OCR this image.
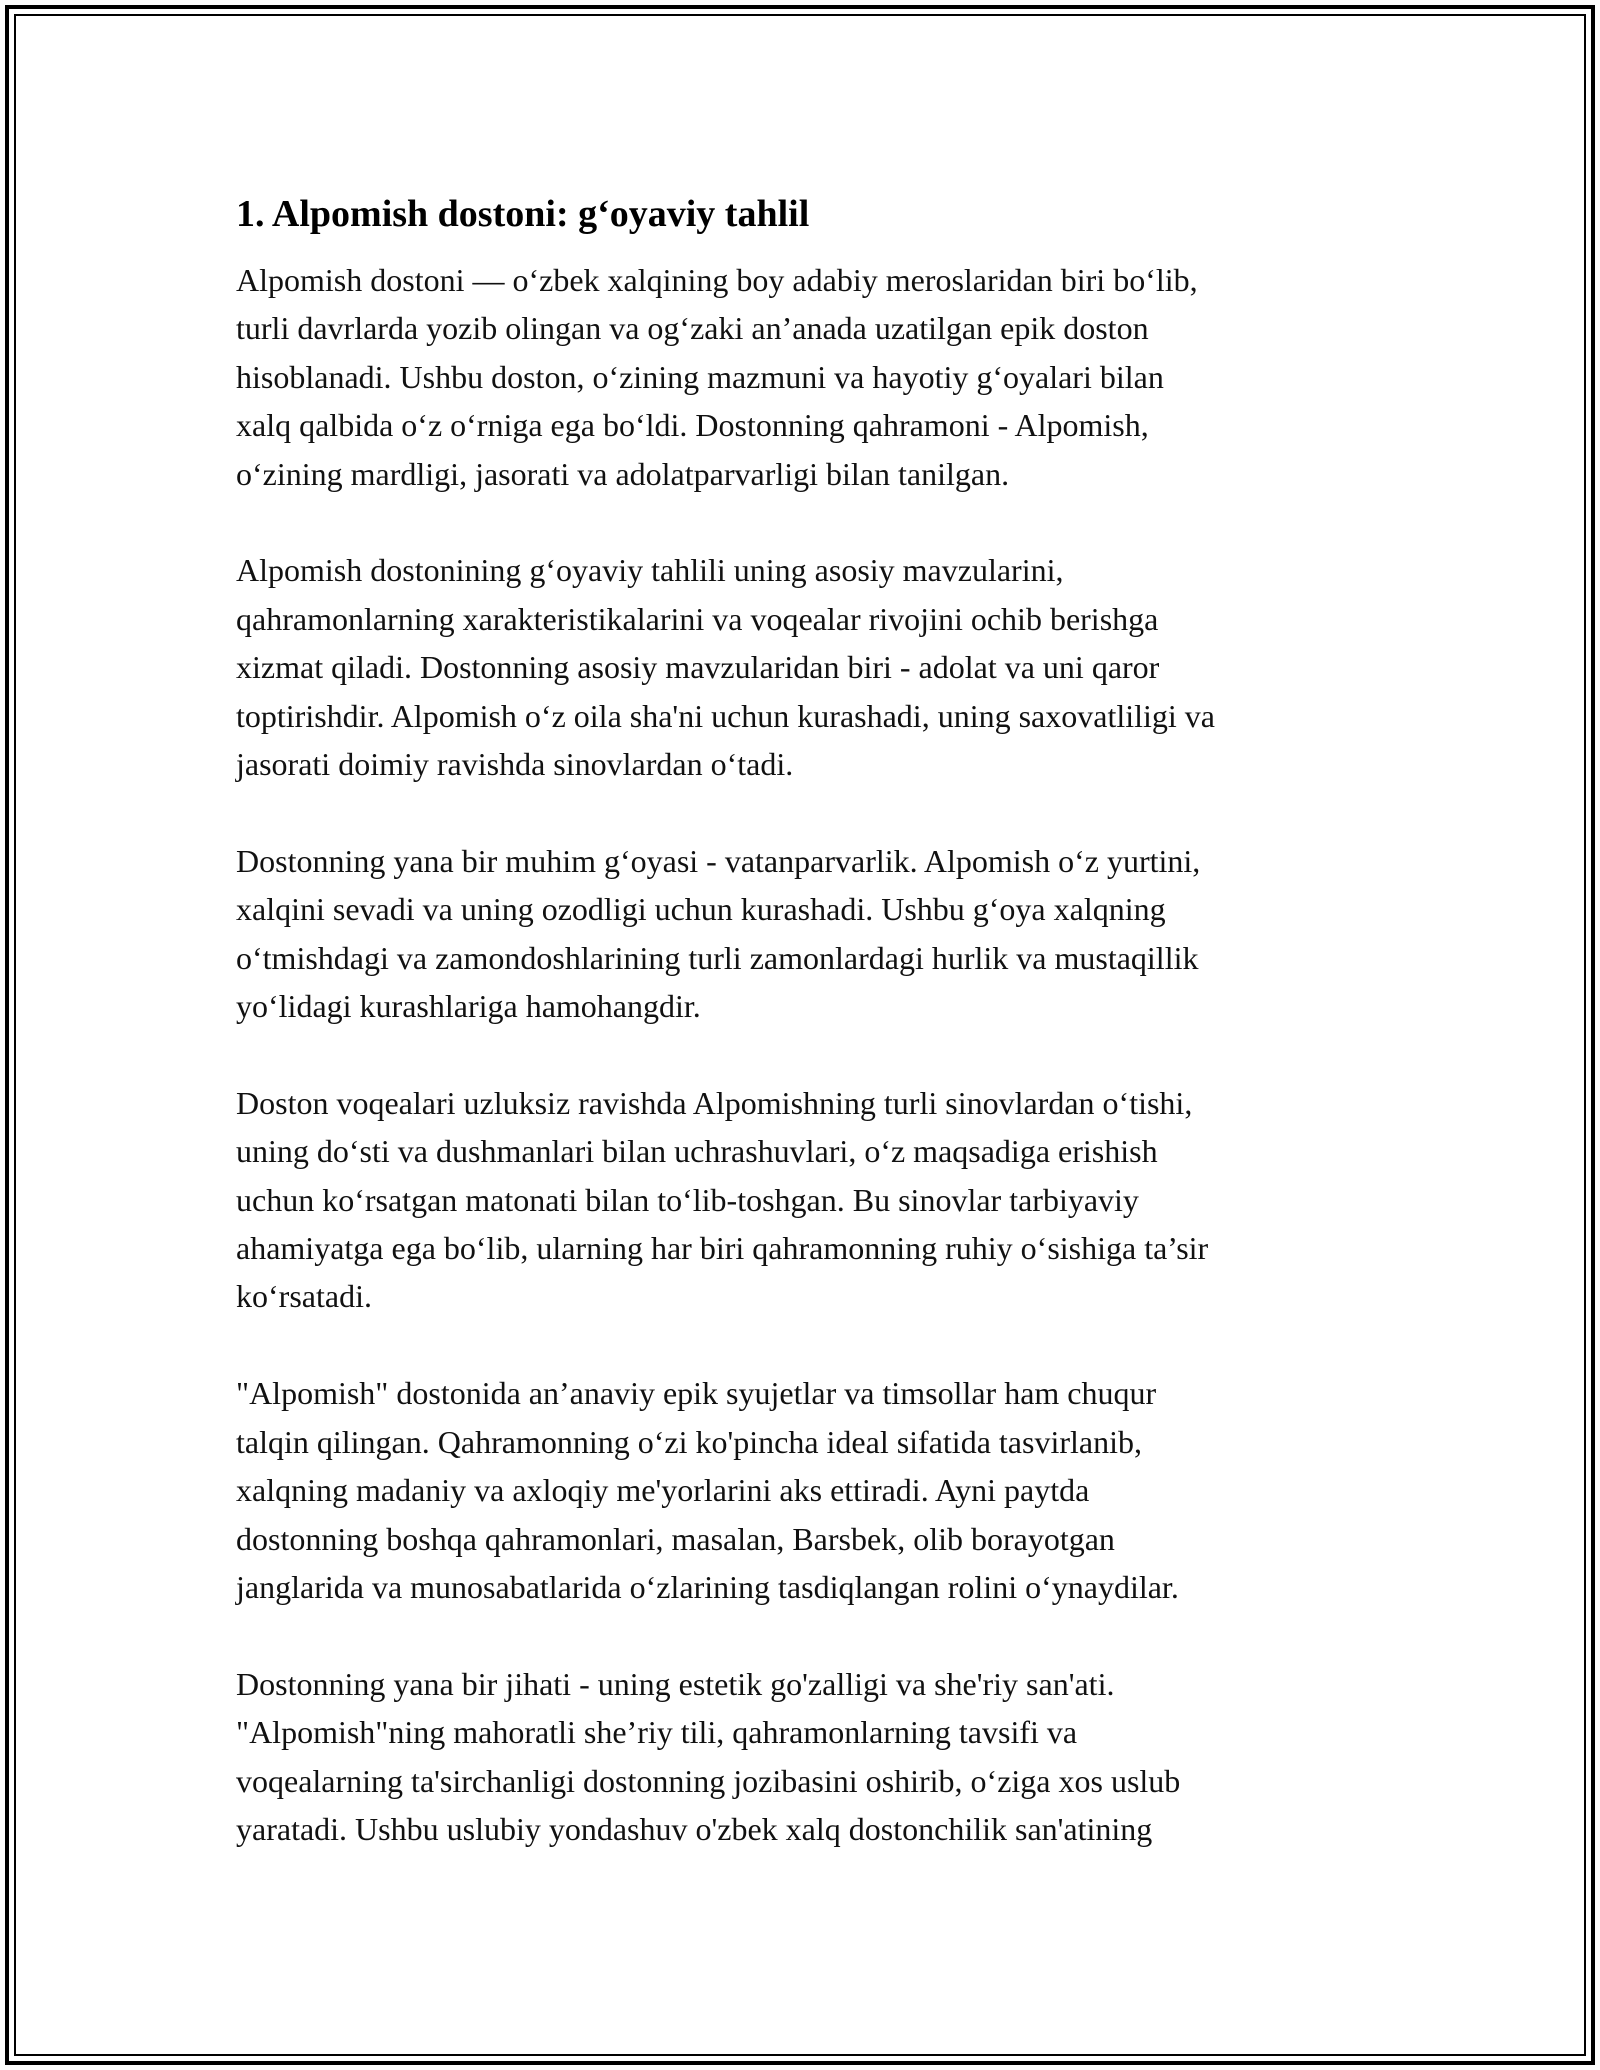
1. Alpomish dostoni: g‘oyaviy tahlil

Alpomish dostoni — o‘zbek xalqining boy adabiy meroslaridan biri bo‘lib,
turli davrlarda yozib olingan va og‘zaki an’anada uzatilgan epik doston
hisoblanadi. Ushbu doston, o‘zining mazmuni va hayotiy g‘oyalari bilan
xalq qalbida o‘z o‘rniga ega bo‘ldi. Dostonning qahramoni - Alpomish,
o‘zining mardligi, jasorati va adolatparvarligi bilan tanilgan.

Alpomish dostonining g‘oyaviy tahlili uning asosiy mavzularini,
qahramonlarning xarakteristikalarini va voqealar rivojini ochib berishga
xizmat qiladi. Dostonning asosiy mavzularidan biri - adolat va uni qaror
toptirishdir. Alpomish o‘z oila sha'ni uchun kurashadi, uning saxovatliligi va
jasorati doimiy ravishda sinovlardan o‘tadi.

Dostonning yana bir muhim g‘oyasi - vatanparvarlik. Alpomish o‘z yurtini,
xalqini sevadi va uning ozodligi uchun kurashadi. Ushbu g‘oya xalqning
o‘tmishdagi va zamondoshlarining turli zamonlardagi hurlik va mustaqillik
yo‘lidagi kurashlariga hamohangdir.

Doston voqealari uzluksiz ravishda Alpomishning turli sinovlardan o‘tishi,
uning do‘sti va dushmanlari bilan uchrashuvlari, o‘z maqsadiga erishish
uchun ko‘rsatgan matonati bilan to‘lib-toshgan. Bu sinovlar tarbiyaviy
ahamiyatga ega bo‘lib, ularning har biri qahramonning ruhiy o‘sishiga ta’sir
ko‘rsatadi.

"Alpomish" dostonida an’anaviy epik syujetlar va timsollar ham chuqur
talqin qilingan. Qahramonning o‘zi ko'pincha ideal sifatida tasvirlanib,
xalqning madaniy va axloqiy me'yorlarini aks ettiradi. Ayni paytda
dostonning boshqa qahramonlari, masalan, Barsbek, olib borayotgan
janglarida va munosabatlarida o‘zlarining tasdiqlangan rolini o‘ynaydilar.

Dostonning yana bir jihati - uning estetik go'zalligi va she'riy san'ati.
"Alpomish"ning mahoratli she’riy tili, qahramonlarning tavsifi va
voqealarning ta'sirchanligi dostonning jozibasini oshirib, o‘ziga xos uslub
yaratadi. Ushbu uslubiy yondashuv o'zbek xalq dostonchilik san'atining
